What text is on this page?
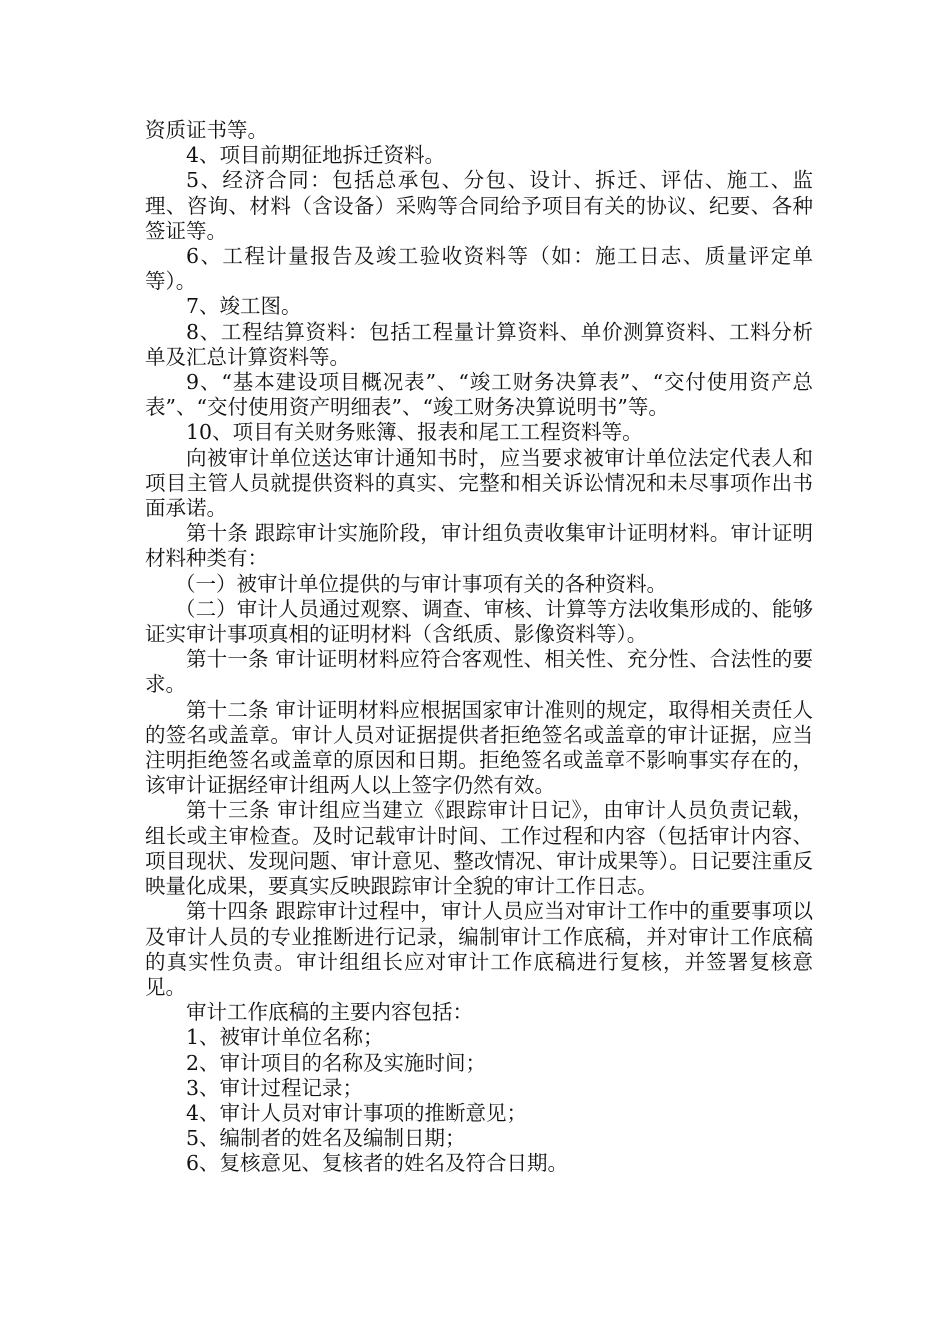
资质证书等。

4、项目前期征地拆迁资料。

5、经济合同：包括总承包、分包、设计、拆迁、评估、施工、监理、咨询、材料（含设备）采购等合同给予项目有关的协议、纪要、各种签证等。

6、工程计量报告及竣工验收资料等（如：施工日志、质量评定单等）。

7、竣工图。

8、工程结算资料：包括工程量计算资料、单价测算资料、工料分析单及汇总计算资料等。

9、“基本建设项目概况表”、“竣工财务决算表”、“交付使用资产总表”、“交付使用资产明细表”、“竣工财务决算说明书”等。

10、项目有关财务账簿、报表和尾工工程资料等。

向被审计单位送达审计通知书时，应当要求被审计单位法定代表人和项目主管人员就提供资料的真实、完整和相关诉讼情况和未尽事项作出书面承诺。

第十条 跟踪审计实施阶段，审计组负责收集审计证明材料。审计证明材料种类有：

（一）被审计单位提供的与审计事项有关的各种资料。

（二）审计人员通过观察、调查、审核、计算等方法收集形成的、能够证实审计事项真相的证明材料（含纸质、影像资料等）。

第十一条 审计证明材料应符合客观性、相关性、充分性、合法性的要求。

第十二条 审计证明材料应根据国家审计准则的规定，取得相关责任人的签名或盖章。审计人员对证据提供者拒绝签名或盖章的审计证据，应当注明拒绝签名或盖章的原因和日期。拒绝签名或盖章不影响事实存在的，该审计证据经审计组两人以上签字仍然有效。

第十三条 审计组应当建立《跟踪审计日记》，由审计人员负责记载，组长或主审检查。及时记载审计时间、工作过程和内容（包括审计内容、项目现状、发现问题、审计意见、整改情况、审计成果等）。日记要注重反映量化成果，要真实反映跟踪审计全貌的审计工作日志。

第十四条 跟踪审计过程中，审计人员应当对审计工作中的重要事项以及审计人员的专业推断进行记录，编制审计工作底稿，并对审计工作底稿的真实性负责。审计组组长应对审计工作底稿进行复核，并签署复核意见。

审计工作底稿的主要内容包括：

1、被审计单位名称；

2、审计项目的名称及实施时间；

3、审计过程记录；

4、审计人员对审计事项的推断意见；

5、编制者的姓名及编制日期；

6、复核意见、复核者的姓名及符合日期。
